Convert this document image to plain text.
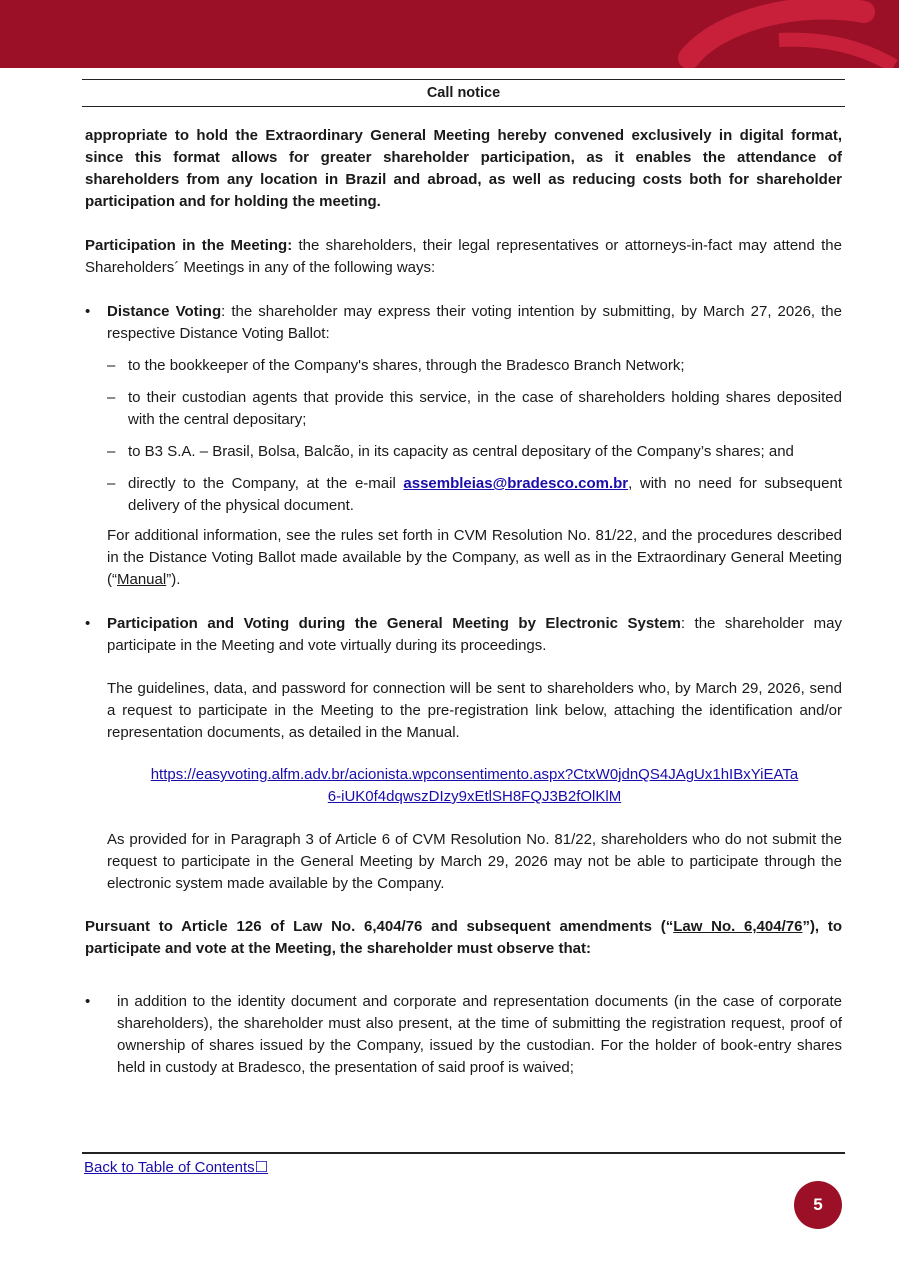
Call notice

appropriate to hold the Extraordinary General Meeting hereby convened exclusively in digital format, since this format allows for greater shareholder participation, as it enables the attendance of shareholders from any location in Brazil and abroad, as well as reducing costs both for shareholder participation and for holding the meeting.

Participation in the Meeting: the shareholders, their legal representatives or attorneys-in-fact may attend the Shareholders´ Meetings in any of the following ways:

• Distance Voting: the shareholder may express their voting intention by submitting, by March 27, 2026, the respective Distance Voting Ballot:

– to the bookkeeper of the Company's shares, through the Bradesco Branch Network;

– to their custodian agents that provide this service, in the case of shareholders holding shares deposited with the central depositary;

– to B3 S.A. – Brasil, Bolsa, Balcão, in its capacity as central depositary of the Company’s shares; and

– directly to the Company, at the e-mail assembleias@bradesco.com.br, with no need for subsequent delivery of the physical document.

For additional information, see the rules set forth in CVM Resolution No. 81/22, and the procedures described in the Distance Voting Ballot made available by the Company, as well as in the Extraordinary General Meeting (“Manual”).

• Participation and Voting during the General Meeting by Electronic System: the shareholder may participate in the Meeting and vote virtually during its proceedings.

The guidelines, data, and password for connection will be sent to shareholders who, by March 29, 2026, send a request to participate in the Meeting to the pre-registration link below, attaching the identification and/or representation documents, as detailed in the Manual.

https://easyvoting.alfm.adv.br/acionista.wpconsentimento.aspx?CtxW0jdnQS4JAgUx1hIBxYiEATa
6-iUK0f4dqwszDIzy9xEtlSH8FQJ3B2fOlKlM

As provided for in Paragraph 3 of Article 6 of CVM Resolution No. 81/22, shareholders who do not submit the request to participate in the General Meeting by March 29, 2026 may not be able to participate through the electronic system made available by the Company.

Pursuant to Article 126 of Law No. 6,404/76 and subsequent amendments (“Law No. 6,404/76”), to participate and vote at the Meeting, the shareholder must observe that:

• in addition to the identity document and corporate and representation documents (in the case of corporate shareholders), the shareholder must also present, at the time of submitting the registration request, proof of ownership of shares issued by the Company, issued by the custodian. For the holder of book-entry shares held in custody at Bradesco, the presentation of said proof is waived;

Back to Table of Contents☐
5
